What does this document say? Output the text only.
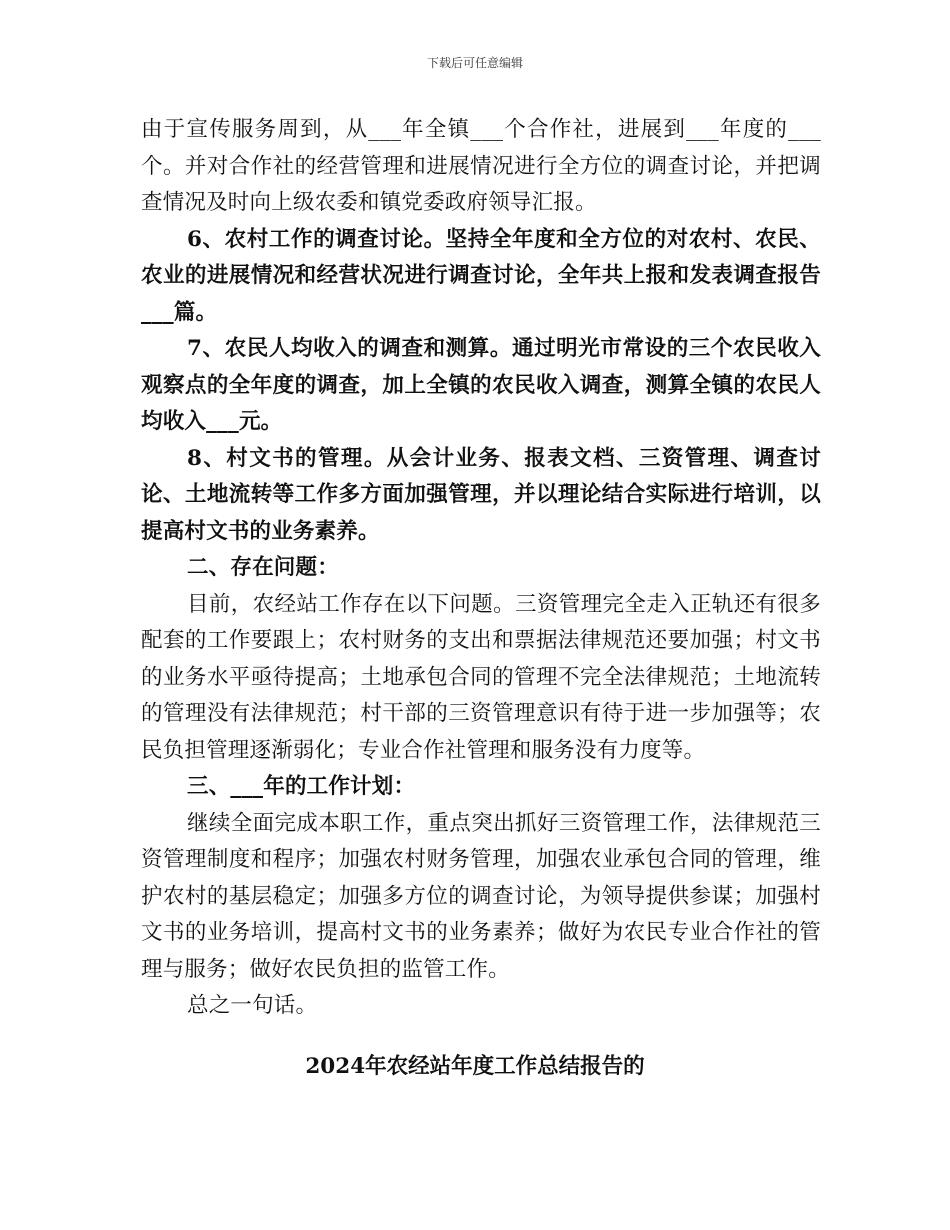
下载后可任意编辑

由于宣传服务周到，从___年全镇___个合作社，进展到___年度的___个。并对合作社的经营管理和进展情况进行全方位的调查讨论，并把调查情况及时向上级农委和镇党委政府领导汇报。

6、农村工作的调查讨论。坚持全年度和全方位的对农村、农民、农业的进展情况和经营状况进行调查讨论，全年共上报和发表调查报告___篇。

7、农民人均收入的调查和测算。通过明光市常设的三个农民收入观察点的全年度的调查，加上全镇的农民收入调查，测算全镇的农民人均收入___元。

8、村文书的管理。从会计业务、报表文档、三资管理、调查讨论、土地流转等工作多方面加强管理，并以理论结合实际进行培训，以提高村文书的业务素养。

二、存在问题：

目前，农经站工作存在以下问题。三资管理完全走入正轨还有很多配套的工作要跟上；农村财务的支出和票据法律规范还要加强；村文书的业务水平亟待提高；土地承包合同的管理不完全法律规范；土地流转的管理没有法律规范；村干部的三资管理意识有待于进一步加强等；农民负担管理逐渐弱化；专业合作社管理和服务没有力度等。

三、___年的工作计划：

继续全面完成本职工作，重点突出抓好三资管理工作，法律规范三资管理制度和程序；加强农村财务管理，加强农业承包合同的管理，维护农村的基层稳定；加强多方位的调查讨论，为领导提供参谋；加强村文书的业务培训，提高村文书的业务素养；做好为农民专业合作社的管理与服务；做好农民负担的监管工作。

总之一句话。

2024年农经站年度工作总结报告的
